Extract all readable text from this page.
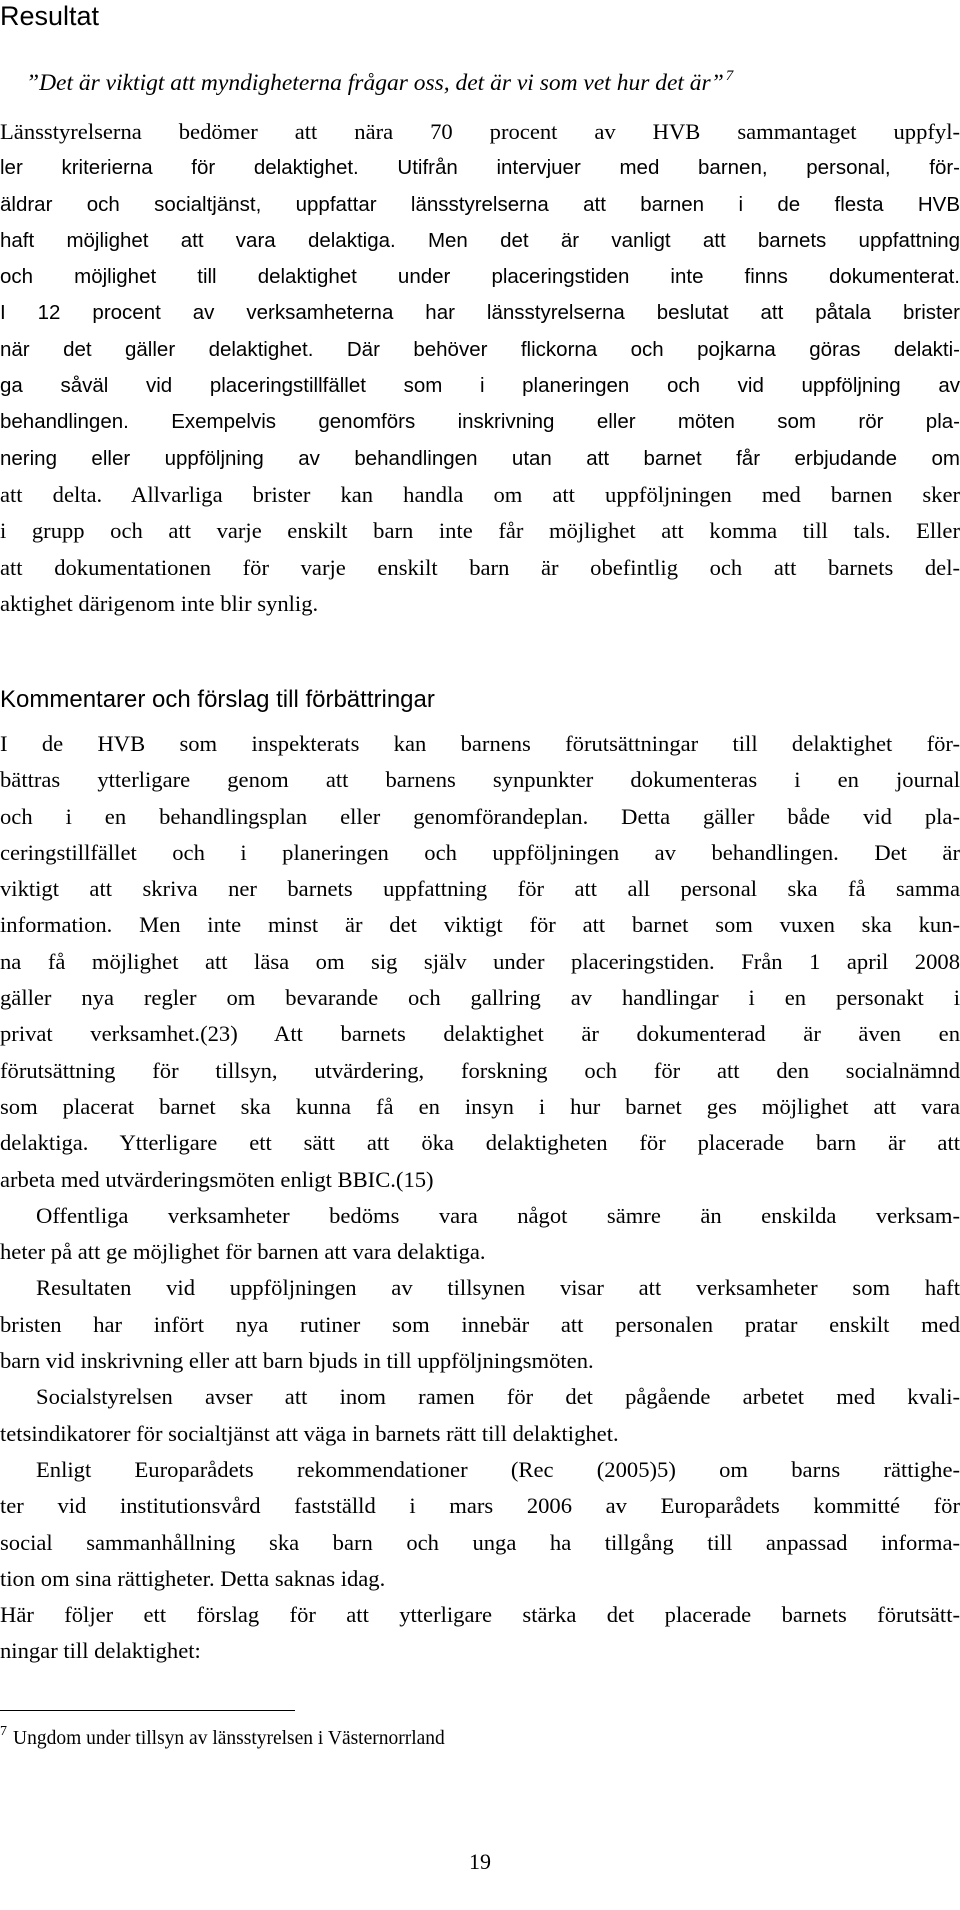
Resultat

”Det är viktigt att myndigheterna frågar oss, det är vi som vet hur det är” $^7$

Länsstyrelserna bedömer att nära 70 procent av HVB sammantaget uppfyl-
ler kriterierna för delaktighet. Utifrån intervjuer med barnen, personal, för-
äldrar och socialtjänst, uppfattar länsstyrelserna att barnen i de flesta HVB
haft möjlighet att vara delaktiga. Men det är vanligt att barnets uppfattning
och möjlighet till delaktighet under placeringstiden inte finns dokumenterat.
I 12 procent av verksamheterna har länsstyrelserna beslutat att påtala brister
när det gäller delaktighet. Där behöver flickorna och pojkarna göras delakti-
ga såväl vid placeringstillfället som i planeringen och vid uppföljning av
behandlingen. Exempelvis genomförs inskrivning eller möten som rör pla-
nering eller uppföljning av behandlingen utan att barnet får erbjudande om
att delta. Allvarliga brister kan handla om att uppföljningen med barnen sker
i grupp och att varje enskilt barn inte får möjlighet att komma till tals. Eller
att dokumentationen för varje enskilt barn är obefintlig och att barnets del-
aktighet därigenom inte blir synlig.
Kommentarer och förslag till förbättringar
I de HVB som inspekterats kan barnens förutsättningar till delaktighet för-
bättras ytterligare genom att barnens synpunkter dokumenteras i en journal
och i en behandlingsplan eller genomförandeplan. Detta gäller både vid pla-
ceringstillfället och i planeringen och uppföljningen av behandlingen. Det är
viktigt att skriva ner barnets uppfattning för att all personal ska få samma
information. Men inte minst är det viktigt för att barnet som vuxen ska kun-
na få möjlighet att läsa om sig själv under placeringstiden. Från 1 april 2008
gäller nya regler om bevarande och gallring av handlingar i en personakt i
privat verksamhet.(23) Att barnets delaktighet är dokumenterad är även en
förutsättning för tillsyn, utvärdering, forskning och för att den socialnämnd
som placerat barnet ska kunna få en insyn i hur barnet ges möjlighet att vara
delaktiga. Ytterligare ett sätt att öka delaktigheten för placerade barn är att
arbeta med utvärderingsmöten enligt BBIC.(15)
Offentliga verksamheter bedöms vara något sämre än enskilda verksam-
heter på att ge möjlighet för barnen att vara delaktiga.
Resultaten vid uppföljningen av tillsynen visar att verksamheter som haft
bristen har infört nya rutiner som innebär att personalen pratar enskilt med
barn vid inskrivning eller att barn bjuds in till uppföljningsmöten.
Socialstyrelsen avser att inom ramen för det pågående arbetet med kvali-
tetsindikatorer för socialtjänst att väga in barnets rätt till delaktighet.
Enligt Europarådets rekommendationer (Rec (2005)5) om barns rättighe-
ter vid institutionsvård fastställd i mars 2006 av Europarådets kommitté för
social sammanhållning ska barn och unga ha tillgång till anpassad informa-
tion om sina rättigheter. Detta saknas idag.
Här följer ett förslag för att ytterligare stärka det placerade barnets förutsätt-
ningar till delaktighet:
$^7$ Ungdom under tillsyn av länsstyrelsen i Västernorrland
19
